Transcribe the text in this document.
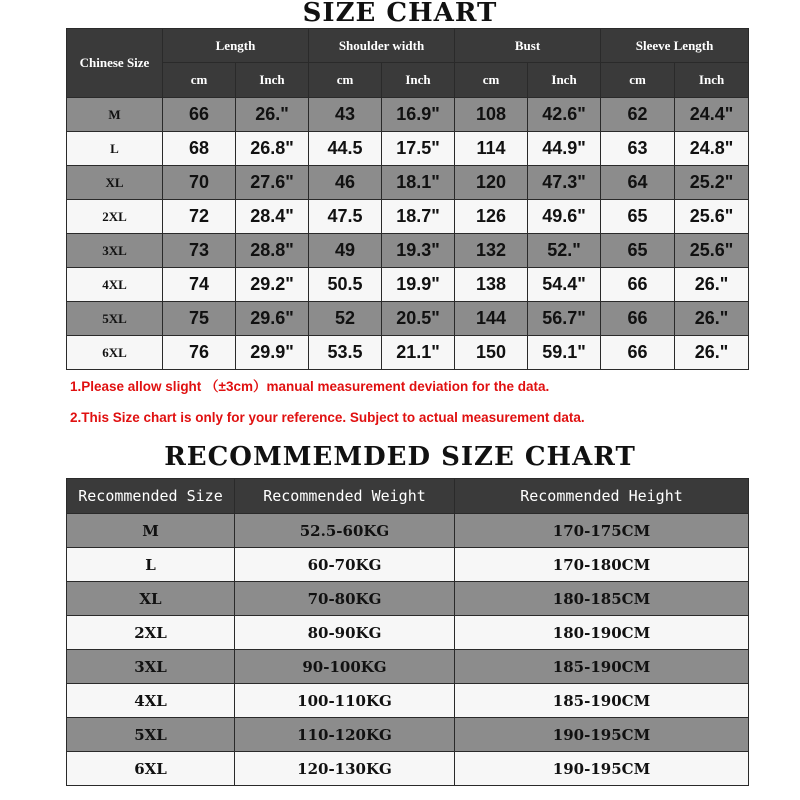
SIZE CHART
Chinese Size	Length		Shoulder width		Bust		Sleeve Length	
	cm	Inch	cm	Inch	cm	Inch	cm	Inch
M	66	26."	43	16.9"	108	42.6"	62	24.4"
L	68	26.8"	44.5	17.5"	114	44.9"	63	24.8"
XL	70	27.6"	46	18.1"	120	47.3"	64	25.2"
2XL	72	28.4"	47.5	18.7"	126	49.6"	65	25.6"
3XL	73	28.8"	49	19.3"	132	52."	65	25.6"
4XL	74	29.2"	50.5	19.9"	138	54.4"	66	26."
5XL	75	29.6"	52	20.5"	144	56.7"	66	26."
6XL	76	29.9"	53.5	21.1"	150	59.1"	66	26."
1.Please allow slight （±3cm）manual measurement deviation for the data.
2.This Size chart is only for your reference. Subject to actual measurement data.
RECOMMEMDED SIZE CHART
Recommended Size	Recommended Weight	Recommended Height
M	52.5-60KG	170-175CM
L	60-70KG	170-180CM
XL	70-80KG	180-185CM
2XL	80-90KG	180-190CM
3XL	90-100KG	185-190CM
4XL	100-110KG	185-190CM
5XL	110-120KG	190-195CM
6XL	120-130KG	190-195CM
